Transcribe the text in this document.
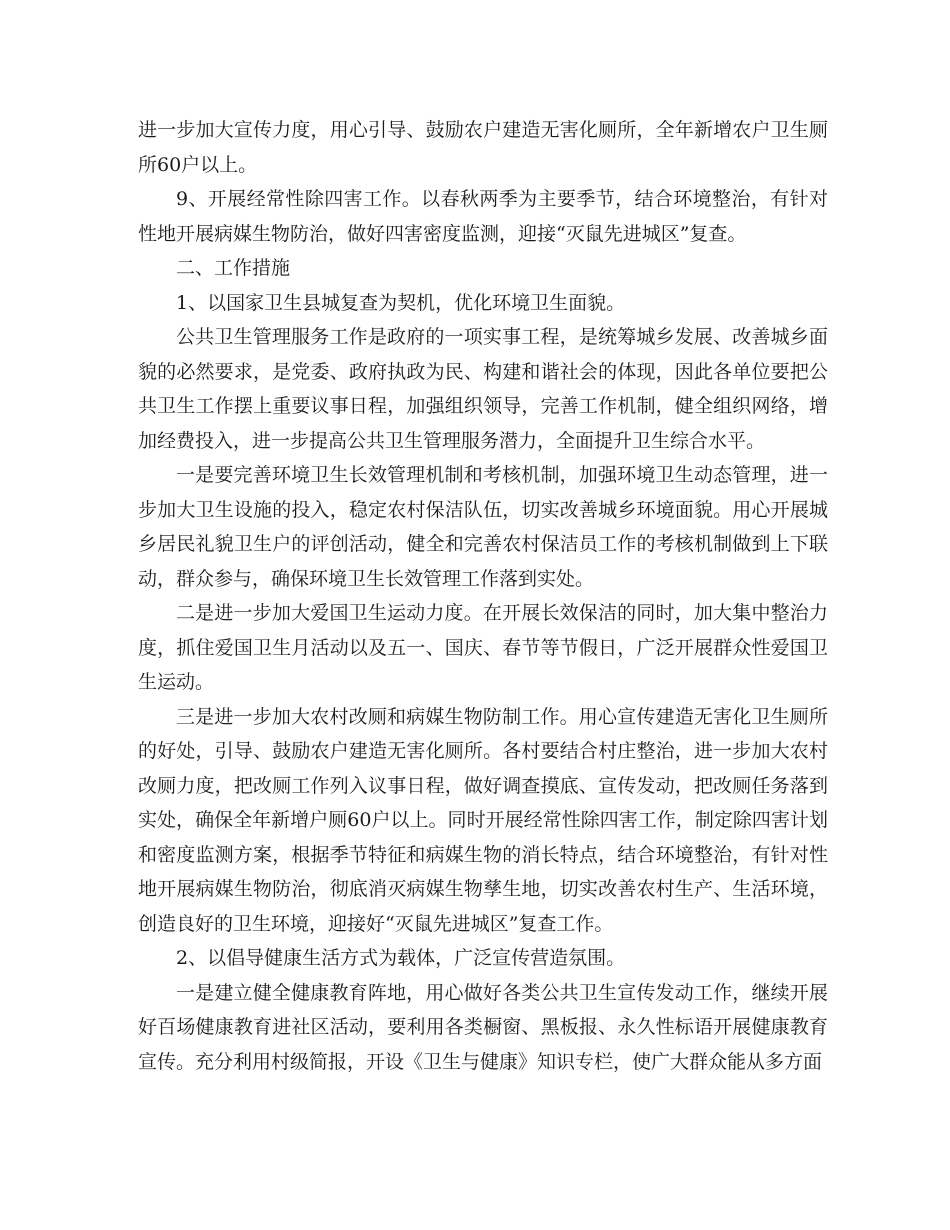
进一步加大宣传力度，用心引导、鼓励农户建造无害化厕所，全年新增农户卫生厕所60户以上。

9、开展经常性除四害工作。以春秋两季为主要季节，结合环境整治，有针对性地开展病媒生物防治，做好四害密度监测，迎接“灭鼠先进城区”复查。

二、工作措施

1、以国家卫生县城复查为契机，优化环境卫生面貌。

公共卫生管理服务工作是政府的一项实事工程，是统筹城乡发展、改善城乡面貌的必然要求，是党委、政府执政为民、构建和谐社会的体现，因此各单位要把公共卫生工作摆上重要议事日程，加强组织领导，完善工作机制，健全组织网络，增加经费投入，进一步提高公共卫生管理服务潜力，全面提升卫生综合水平。

一是要完善环境卫生长效管理机制和考核机制，加强环境卫生动态管理，进一步加大卫生设施的投入，稳定农村保洁队伍，切实改善城乡环境面貌。用心开展城乡居民礼貌卫生户的评创活动，健全和完善农村保洁员工作的考核机制做到上下联动，群众参与，确保环境卫生长效管理工作落到实处。

二是进一步加大爱国卫生运动力度。在开展长效保洁的同时，加大集中整治力度，抓住爱国卫生月活动以及五一、国庆、春节等节假日，广泛开展群众性爱国卫生运动。

三是进一步加大农村改厕和病媒生物防制工作。用心宣传建造无害化卫生厕所的好处，引导、鼓励农户建造无害化厕所。各村要结合村庄整治，进一步加大农村改厕力度，把改厕工作列入议事日程，做好调查摸底、宣传发动，把改厕任务落到实处，确保全年新增户厕60户以上。同时开展经常性除四害工作，制定除四害计划和密度监测方案，根据季节特征和病媒生物的消长特点，结合环境整治，有针对性地开展病媒生物防治，彻底消灭病媒生物孳生地，切实改善农村生产、生活环境，创造良好的卫生环境，迎接好“灭鼠先进城区”复查工作。

2、以倡导健康生活方式为载体，广泛宣传营造氛围。

一是建立健全健康教育阵地，用心做好各类公共卫生宣传发动工作，继续开展好百场健康教育进社区活动，要利用各类橱窗、黑板报、永久性标语开展健康教育宣传。充分利用村级简报，开设《卫生与健康》知识专栏，使广大群众能从多方面
